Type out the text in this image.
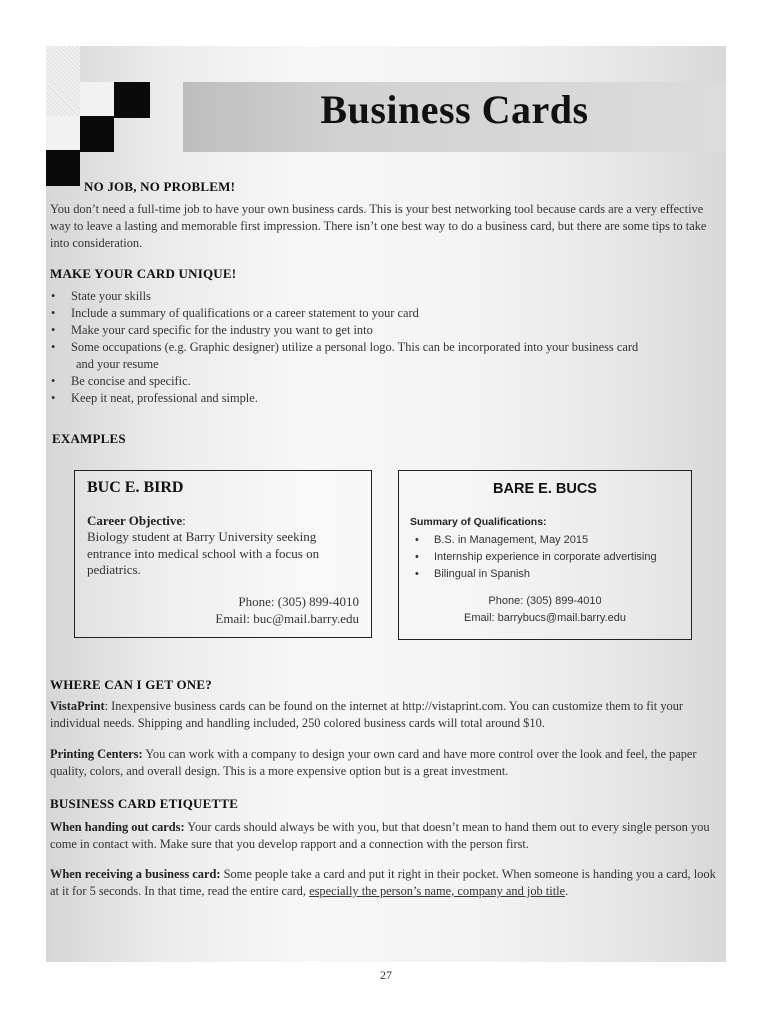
Business Cards
NO JOB, NO PROBLEM!
You don’t need a full-time job to have your own business cards. This is your best networking tool because cards are a very effective way to leave a lasting and memorable first impression. There isn’t one best way to do a business card, but there are some tips to take into consideration.
MAKE YOUR CARD UNIQUE!
• State your skills
• Include a summary of qualifications or a career statement to your card
• Make your card specific for the industry you want to get into
• Some occupations (e.g. Graphic designer) utilize a personal logo. This can be incorporated into your business card
and your resume
• Be concise and specific.
• Keep it neat, professional and simple.
EXAMPLES
BUC E. BIRD
Career Objective:
Biology student at Barry University seeking entrance into medical school with a focus on pediatrics.
Phone: (305) 899-4010
Email: buc@mail.barry.edu
BARE E. BUCS
Summary of Qualifications:
• B.S. in Management, May 2015
• Internship experience in corporate advertising
• Bilingual in Spanish
Phone: (305) 899-4010
Email: barrybucs@mail.barry.edu
WHERE CAN I GET ONE?
VistaPrint: Inexpensive business cards can be found on the internet at http://vistaprint.com. You can customize them to fit your individual needs. Shipping and handling included, 250 colored business cards will total around $10.
Printing Centers: You can work with a company to design your own card and have more control over the look and feel, the paper quality, colors, and overall design. This is a more expensive option but is a great investment.
BUSINESS CARD ETIQUETTE
When handing out cards: Your cards should always be with you, but that doesn’t mean to hand them out to every single person you come in contact with. Make sure that you develop rapport and a connection with the person first.
When receiving a business card: Some people take a card and put it right in their pocket. When someone is handing you a card, look at it for 5 seconds. In that time, read the entire card, especially the person’s name, company and job title.
27
